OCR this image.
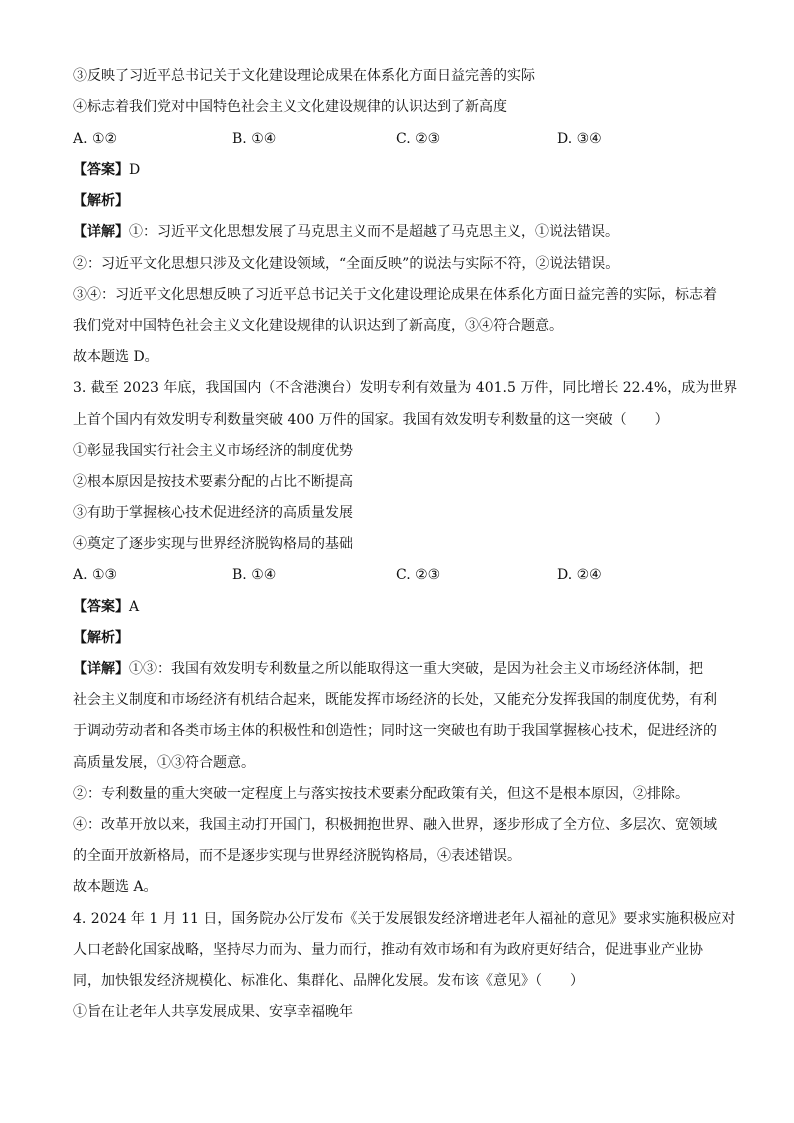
③反映了习近平总书记关于文化建设理论成果在体系化方面日益完善的实际
④标志着我们党对中国特色社会主义文化建设规律的认识达到了新高度
A. ①②	B. ①④	C. ②③	D. ③④
【答案】D
【解析】
【详解】①：习近平文化思想发展了马克思主义而不是超越了马克思主义，①说法错误。
②：习近平文化思想只涉及文化建设领域，“全面反映”的说法与实际不符，②说法错误。
③④：习近平文化思想反映了习近平总书记关于文化建设理论成果在体系化方面日益完善的实际，标志着
我们党对中国特色社会主义文化建设规律的认识达到了新高度，③④符合题意。
故本题选 D。
3. 截至 2023 年底，我国国内（不含港澳台）发明专利有效量为 401.5 万件，同比增长 22.4%，成为世界
上首个国内有效发明专利数量突破 400 万件的国家。我国有效发明专利数量的这一突破（　　）
①彰显我国实行社会主义市场经济的制度优势
②根本原因是按技术要素分配的占比不断提高
③有助于掌握核心技术促进经济的高质量发展
④奠定了逐步实现与世界经济脱钩格局的基础
A. ①③	B. ①④	C. ②③	D. ②④
【答案】A
【解析】
【详解】①③：我国有效发明专利数量之所以能取得这一重大突破，是因为社会主义市场经济体制，把
社会主义制度和市场经济有机结合起来，既能发挥市场经济的长处，又能充分发挥我国的制度优势，有利
于调动劳动者和各类市场主体的积极性和创造性；同时这一突破也有助于我国掌握核心技术，促进经济的
高质量发展，①③符合题意。
②：专利数量的重大突破一定程度上与落实按技术要素分配政策有关，但这不是根本原因，②排除。
④：改革开放以来，我国主动打开国门，积极拥抱世界、融入世界，逐步形成了全方位、多层次、宽领域
的全面开放新格局，而不是逐步实现与世界经济脱钩格局，④表述错误。
故本题选 A。
4. 2024 年 1 月 11 日，国务院办公厅发布《关于发展银发经济增进老年人福祉的意见》要求实施积极应对
人口老龄化国家战略，坚持尽力而为、量力而行，推动有效市场和有为政府更好结合，促进事业产业协
同，加快银发经济规模化、标准化、集群化、品牌化发展。发布该《意见》（　　）
①旨在让老年人共享发展成果、安享幸福晚年
